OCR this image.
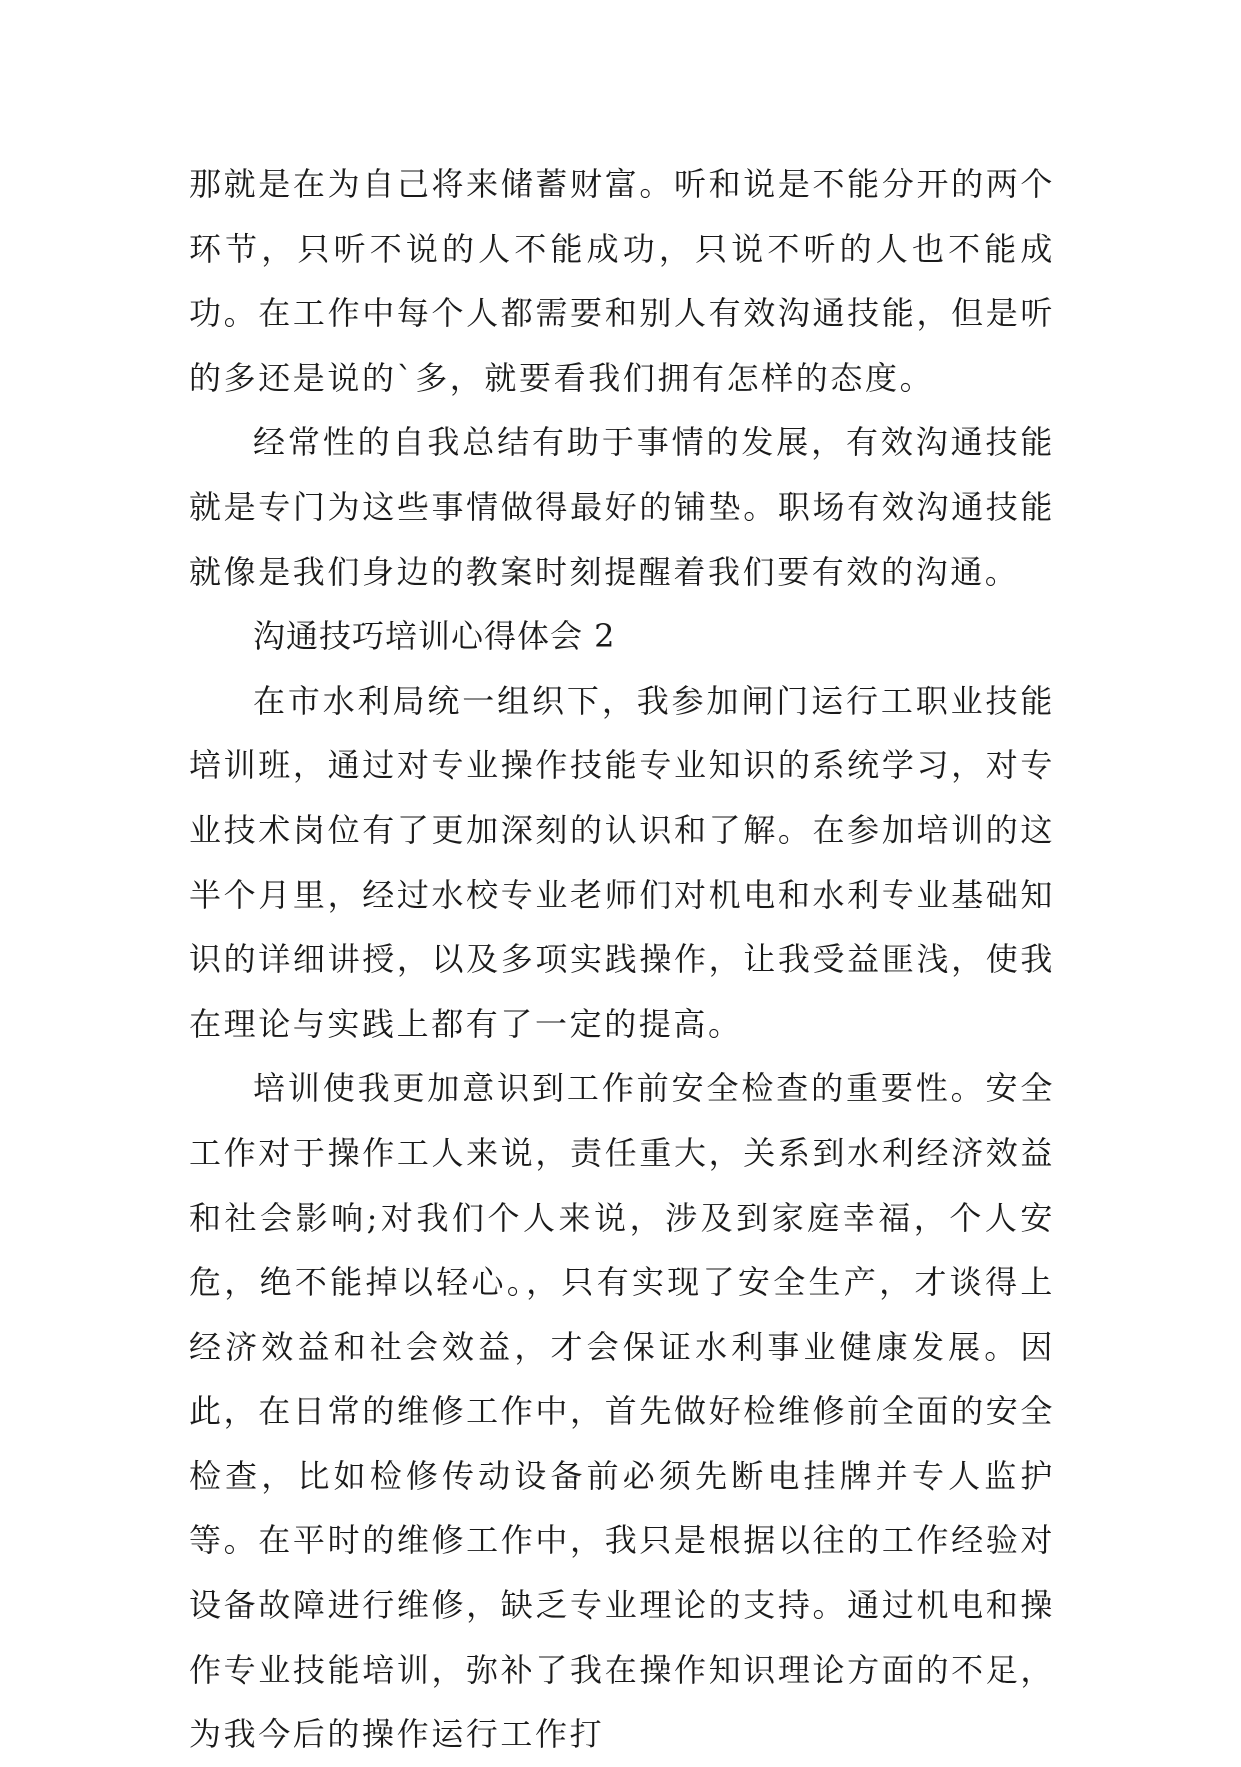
那就是在为自己将来储蓄财富。听和说是不能分开的两个环节，只听不说的人不能成功，只说不听的人也不能成功。在工作中每个人都需要和别人有效沟通技能，但是听的多还是说的`多，就要看我们拥有怎样的态度。

经常性的自我总结有助于事情的发展，有效沟通技能就是专门为这些事情做得最好的铺垫。职场有效沟通技能就像是我们身边的教案时刻提醒着我们要有效的沟通。

沟通技巧培训心得体会 2

在市水利局统一组织下，我参加闸门运行工职业技能培训班，通过对专业操作技能专业知识的系统学习，对专业技术岗位有了更加深刻的认识和了解。在参加培训的这半个月里，经过水校专业老师们对机电和水利专业基础知识的详细讲授，以及多项实践操作，让我受益匪浅，使我在理论与实践上都有了一定的提高。

培训使我更加意识到工作前安全检查的重要性。安全工作对于操作工人来说，责任重大，关系到水利经济效益和社会影响;对我们个人来说，涉及到家庭幸福，个人安危，绝不能掉以轻心。，只有实现了安全生产，才谈得上经济效益和社会效益，才会保证水利事业健康发展。因此，在日常的维修工作中，首先做好检维修前全面的安全检查，比如检修传动设备前必须先断电挂牌并专人监护等。在平时的维修工作中，我只是根据以往的工作经验对设备故障进行维修，缺乏专业理论的支持。通过机电和操作专业技能培训，弥补了我在操作知识理论方面的不足，为我今后的操作运行工作打
